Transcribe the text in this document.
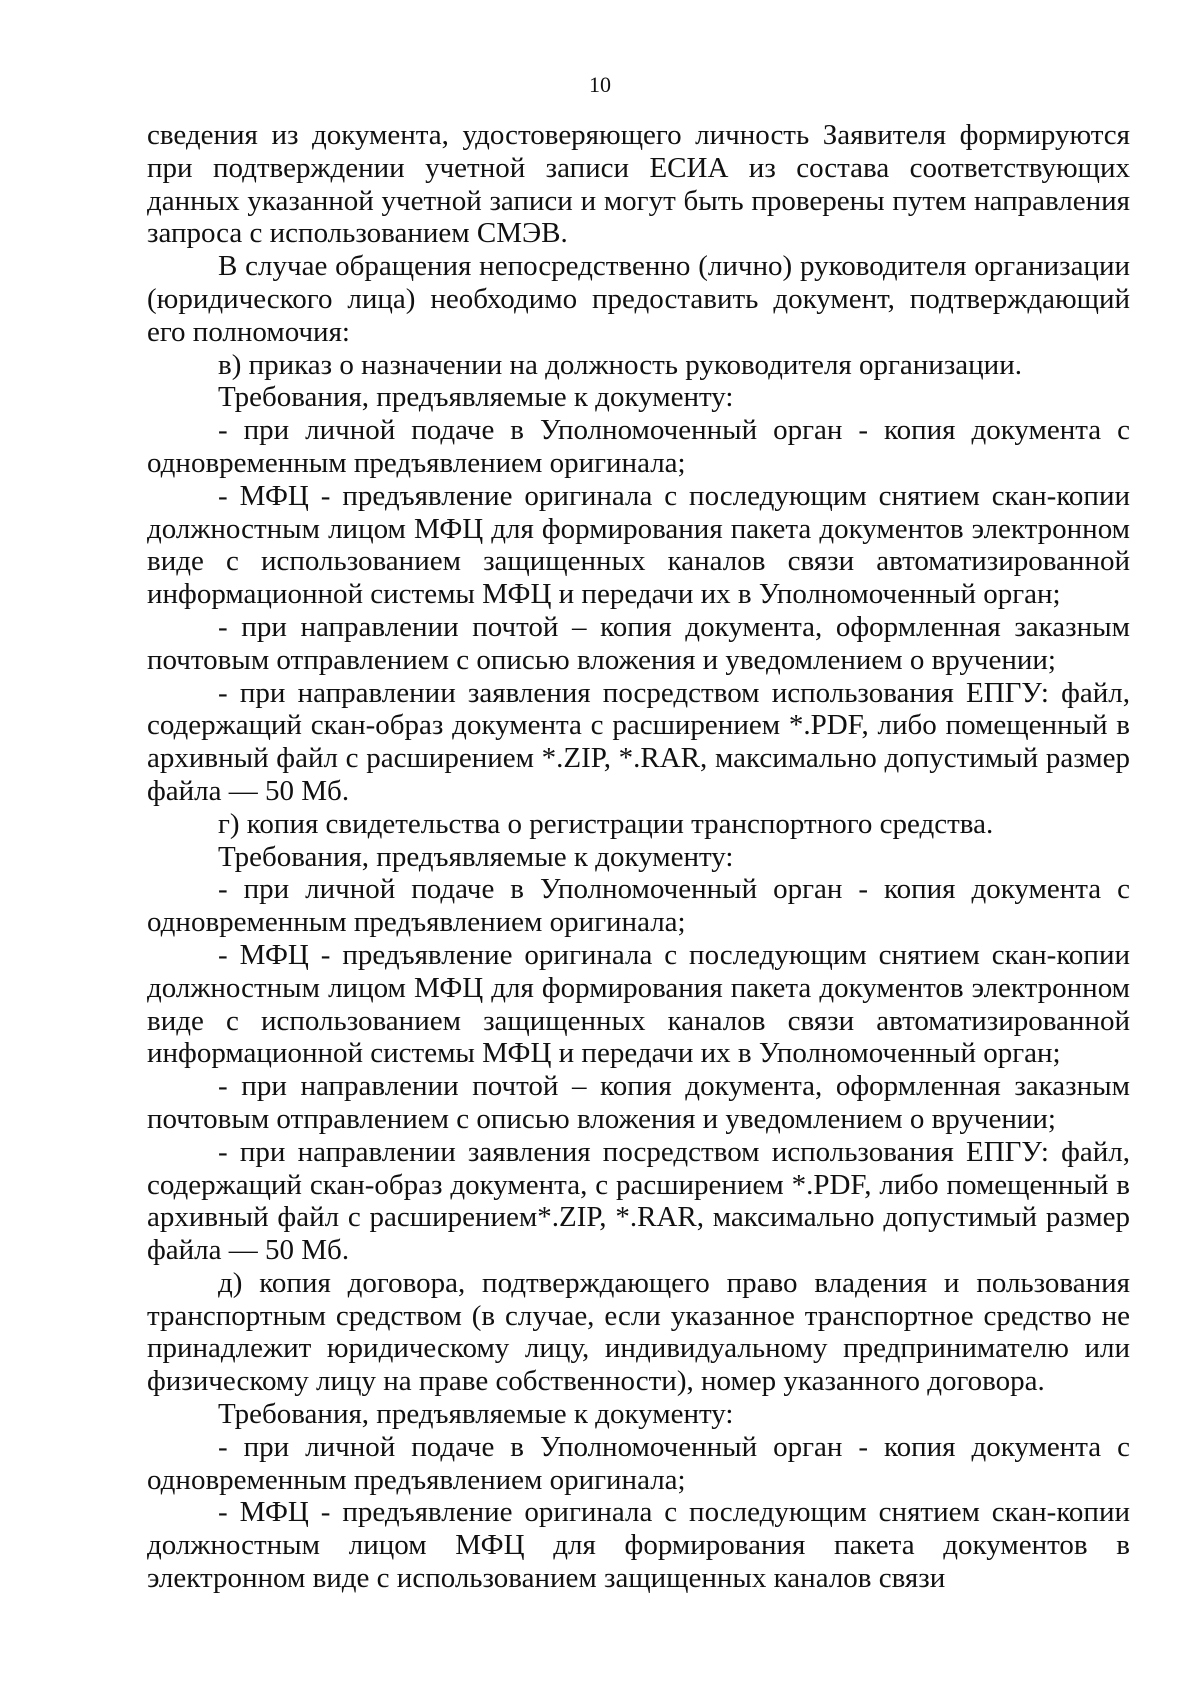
10

сведения из документа, удостоверяющего личность Заявителя формируются при подтверждении учетной записи ЕСИА из состава соответствующих данных указанной учетной записи и могут быть проверены путем направления запроса с использованием СМЭВ.

В случае обращения непосредственно (лично) руководителя организации (юридического лица) необходимо предоставить документ, подтверждающий его полномочия:

в) приказ о назначении на должность руководителя организации.

Требования, предъявляемые к документу:

- при личной подаче в Уполномоченный орган - копия документа с одновременным предъявлением оригинала;

- МФЦ - предъявление оригинала с последующим снятием скан-копии должностным лицом МФЦ для формирования пакета документов электронном виде с использованием защищенных каналов связи автоматизированной информационной системы МФЦ и передачи их в Уполномоченный орган;

- при направлении почтой – копия документа, оформленная заказным почтовым отправлением с описью вложения и уведомлением о вручении;

- при направлении заявления посредством использования ЕПГУ: файл, содержащий скан-образ документа с расширением *.PDF, либо помещенный в архивный файл с расширением *.ZIP, *.RAR, максимально допустимый размер файла — 50 Мб.

г) копия свидетельства о регистрации транспортного средства.

Требования, предъявляемые к документу:

- при личной подаче в Уполномоченный орган - копия документа с одновременным предъявлением оригинала;

- МФЦ - предъявление оригинала с последующим снятием скан-копии должностным лицом МФЦ для формирования пакета документов электронном виде с использованием защищенных каналов связи автоматизированной информационной системы МФЦ и передачи их в Уполномоченный орган;

- при направлении почтой – копия документа, оформленная заказным почтовым отправлением с описью вложения и уведомлением о вручении;

- при направлении заявления посредством использования ЕПГУ: файл, содержащий скан-образ документа, с расширением *.PDF, либо помещенный в архивный файл с расширением*.ZIP, *.RAR, максимально допустимый размер файла — 50 Мб.

д) копия договора, подтверждающего право владения и пользования транспортным средством (в случае, если указанное транспортное средство не принадлежит юридическому лицу, индивидуальному предпринимателю или физическому лицу на праве собственности), номер указанного договора.

Требования, предъявляемые к документу:

- при личной подаче в Уполномоченный орган - копия документа с одновременным предъявлением оригинала;

- МФЦ - предъявление оригинала с последующим снятием скан-копии должностным лицом МФЦ для формирования пакета документов в электронном виде с использованием защищенных каналов связи
